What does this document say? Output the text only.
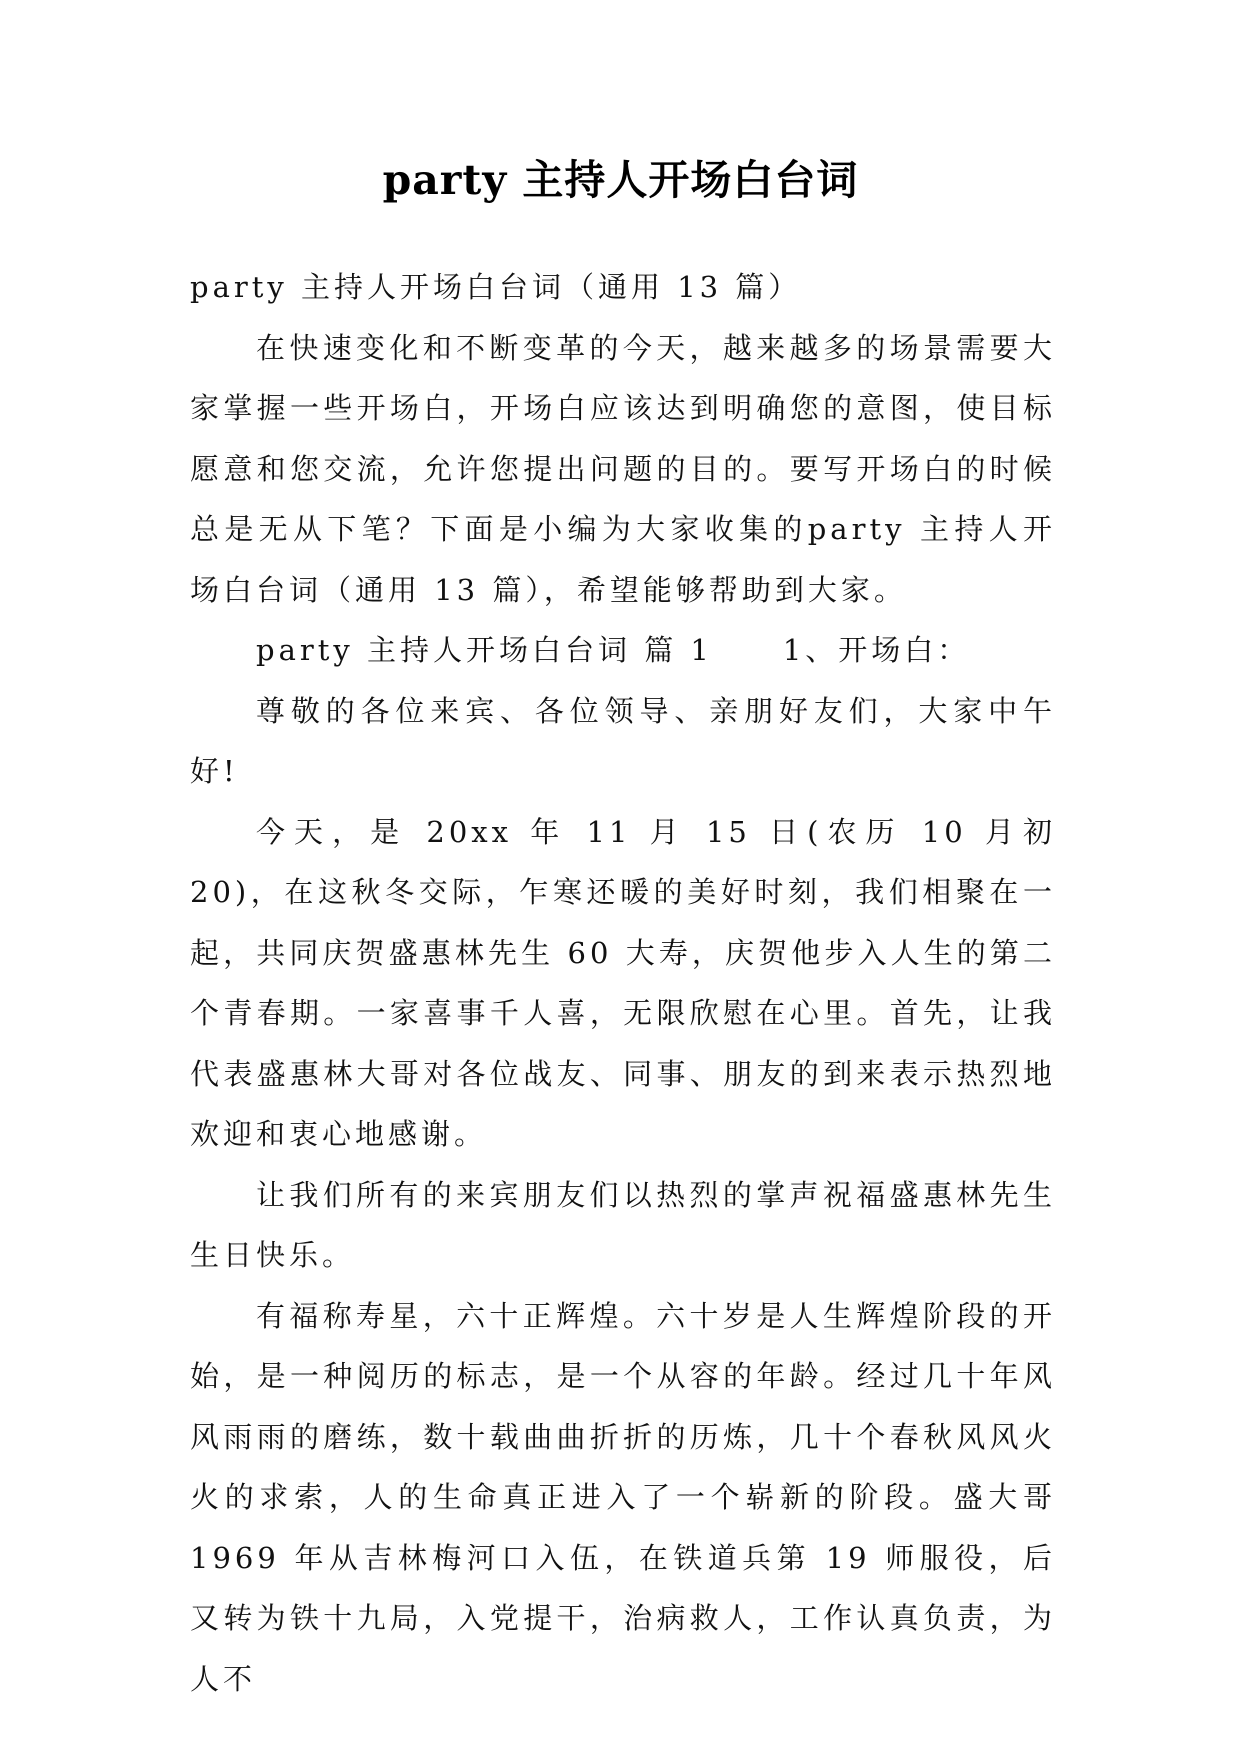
party 主持人开场白台词

party 主持人开场白台词（通用 13 篇）

在快速变化和不断变革的今天，越来越多的场景需要大家掌握一些开场白，开场白应该达到明确您的意图，使目标愿意和您交流，允许您提出问题的目的。要写开场白的时候总是无从下笔？下面是小编为大家收集的party 主持人开场白台词（通用 13 篇），希望能够帮助到大家。

party 主持人开场白台词 篇 1 1、开场白：

尊敬的各位来宾、各位领导、亲朋好友们，大家中午好!

今天，是 20xx 年 11 月 15 日(农历 10 月初 20)，在这秋冬交际，乍寒还暖的美好时刻，我们相聚在一起，共同庆贺盛惠林先生 60 大寿，庆贺他步入人生的第二个青春期。一家喜事千人喜，无限欣慰在心里。首先，让我代表盛惠林大哥对各位战友、同事、朋友的到来表示热烈地欢迎和衷心地感谢。

让我们所有的来宾朋友们以热烈的掌声祝福盛惠林先生生日快乐。

有福称寿星，六十正辉煌。六十岁是人生辉煌阶段的开始，是一种阅历的标志，是一个从容的年龄。经过几十年风风雨雨的磨练，数十载曲曲折折的历炼，几十个春秋风风火火的求索，人的生命真正进入了一个崭新的阶段。盛大哥1969 年从吉林梅河口入伍，在铁道兵第 19 师服役，后又转为铁十九局，入党提干，治病救人，工作认真负责，为人不
